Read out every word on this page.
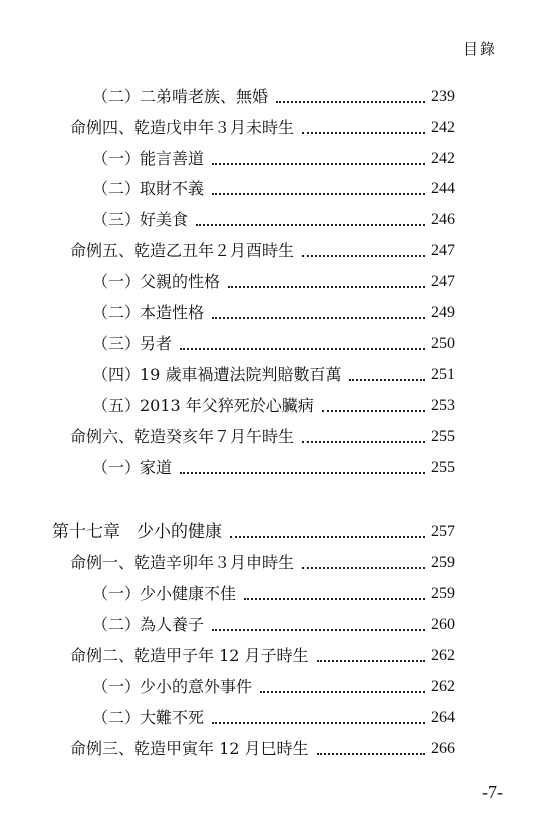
目錄
（二）二弟啃老族、無婚	239
命例四、乾造戊申年３月未時生	242
（一）能言善道	242
（二）取財不義	244
（三）好美食	246
命例五、乾造乙丑年２月酉時生	247
（一）父親的性格	247
（二）本造性格	249
（三）另者	250
（四）19 歲車禍遭法院判賠數百萬	251
（五）2013 年父猝死於心臟病	253
命例六、乾造癸亥年７月午時生	255
（一）家道	255
第十七章　少小的健康	257
命例一、乾造辛卯年３月申時生	259
（一）少小健康不佳	259
（二）為人養子	260
命例二、乾造甲子年 12 月子時生	262
（一）少小的意外事件	262
（二）大難不死	264
命例三、乾造甲寅年 12 月巳時生	266
-7-
